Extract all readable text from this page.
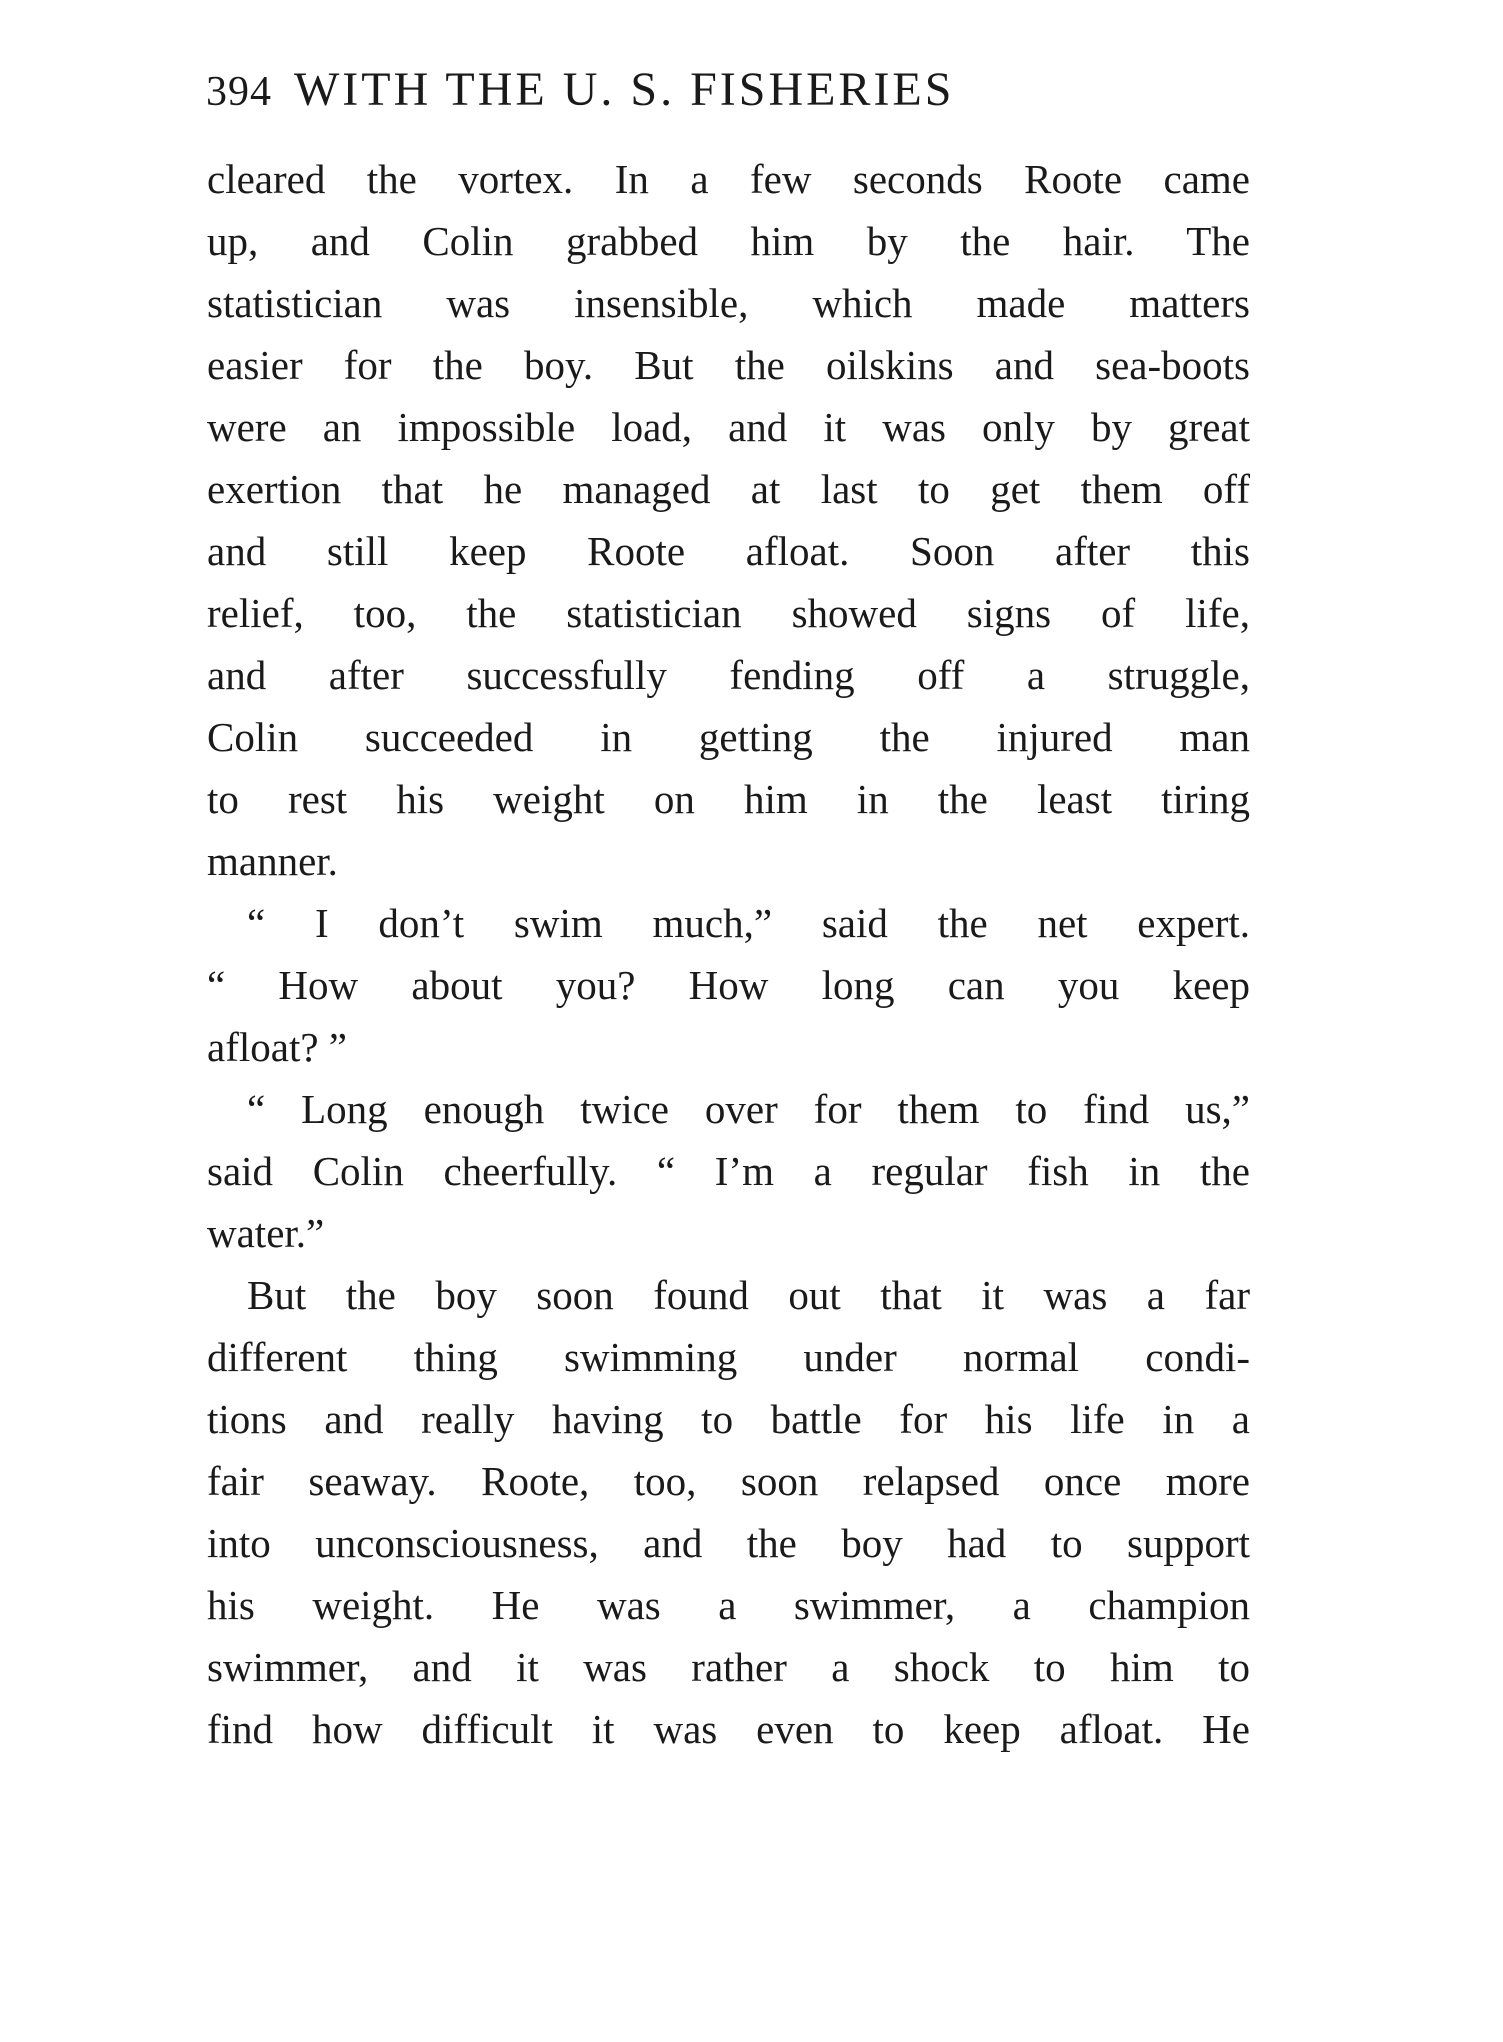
394 WITH THE U. S. FISHERIES
cleared the vortex. In a few seconds Roote came
up, and Colin grabbed him by the hair. The
statistician was insensible, which made matters
easier for the boy. But the oilskins and sea-boots
were an impossible load, and it was only by great
exertion that he managed at last to get them off
and still keep Roote afloat. Soon after this
relief, too, the statistician showed signs of life,
and after successfully fending off a struggle,
Colin succeeded in getting the injured man
to rest his weight on him in the least tiring
manner.
“ I don’t swim much,” said the net expert.
“ How about you? How long can you keep
afloat? ”
“ Long enough twice over for them to find us,”
said Colin cheerfully. “ I’m a regular fish in the
water.”
But the boy soon found out that it was a far
different thing swimming under normal condi-
tions and really having to battle for his life in a
fair seaway. Roote, too, soon relapsed once more
into unconsciousness, and the boy had to support
his weight. He was a swimmer, a champion
swimmer, and it was rather a shock to him to
find how difficult it was even to keep afloat. He
